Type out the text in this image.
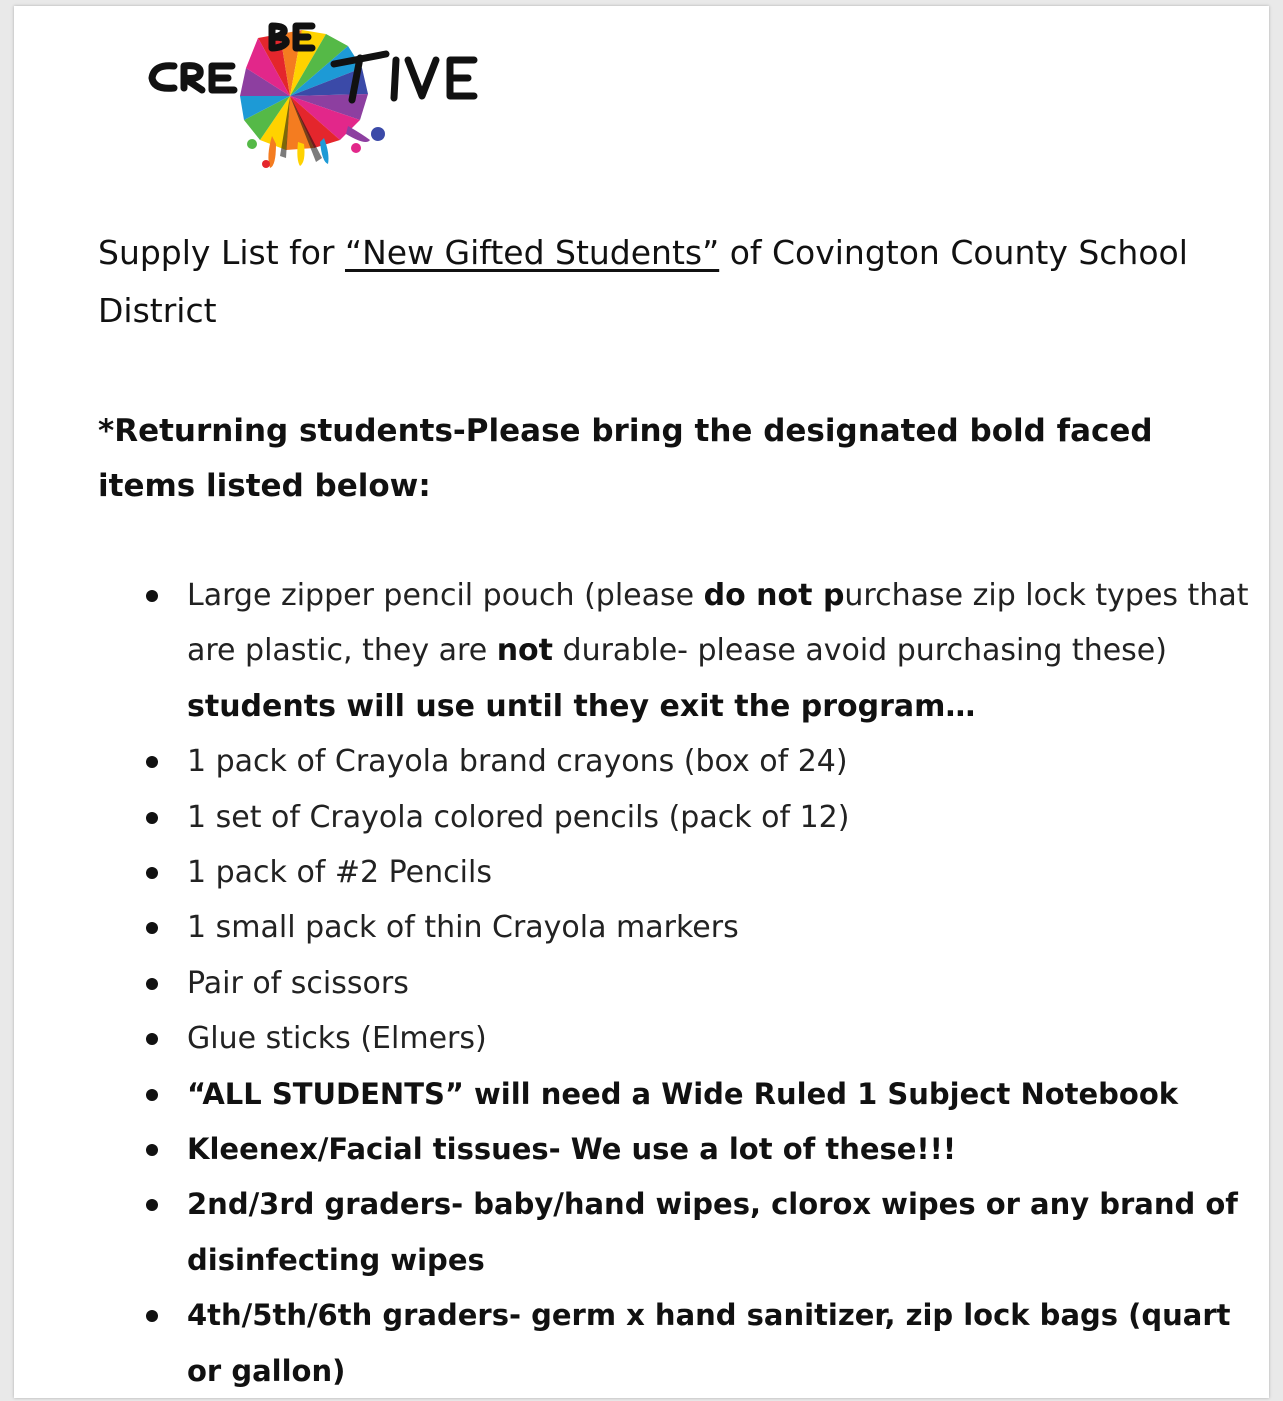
Supply List for “New Gifted Students” of Covington County School District

*Returning students-Please bring the designated bold faced items listed below:

Large zipper pencil pouch (please do not purchase zip lock types that are plastic, they are not durable- please avoid purchasing these) students will use until they exit the program…
1 pack of Crayola brand crayons (box of 24)
1 set of Crayola colored pencils (pack of 12)
1 pack of #2 Pencils
1 small pack of thin Crayola markers
Pair of scissors
Glue sticks (Elmers)
“ALL STUDENTS” will need a Wide Ruled 1 Subject Notebook
Kleenex/Facial tissues- We use a lot of these!!!
2nd/3rd graders- baby/hand wipes, clorox wipes or any brand of disinfecting wipes
4th/5th/6th graders- germ x hand sanitizer, zip lock bags (quart or gallon)
